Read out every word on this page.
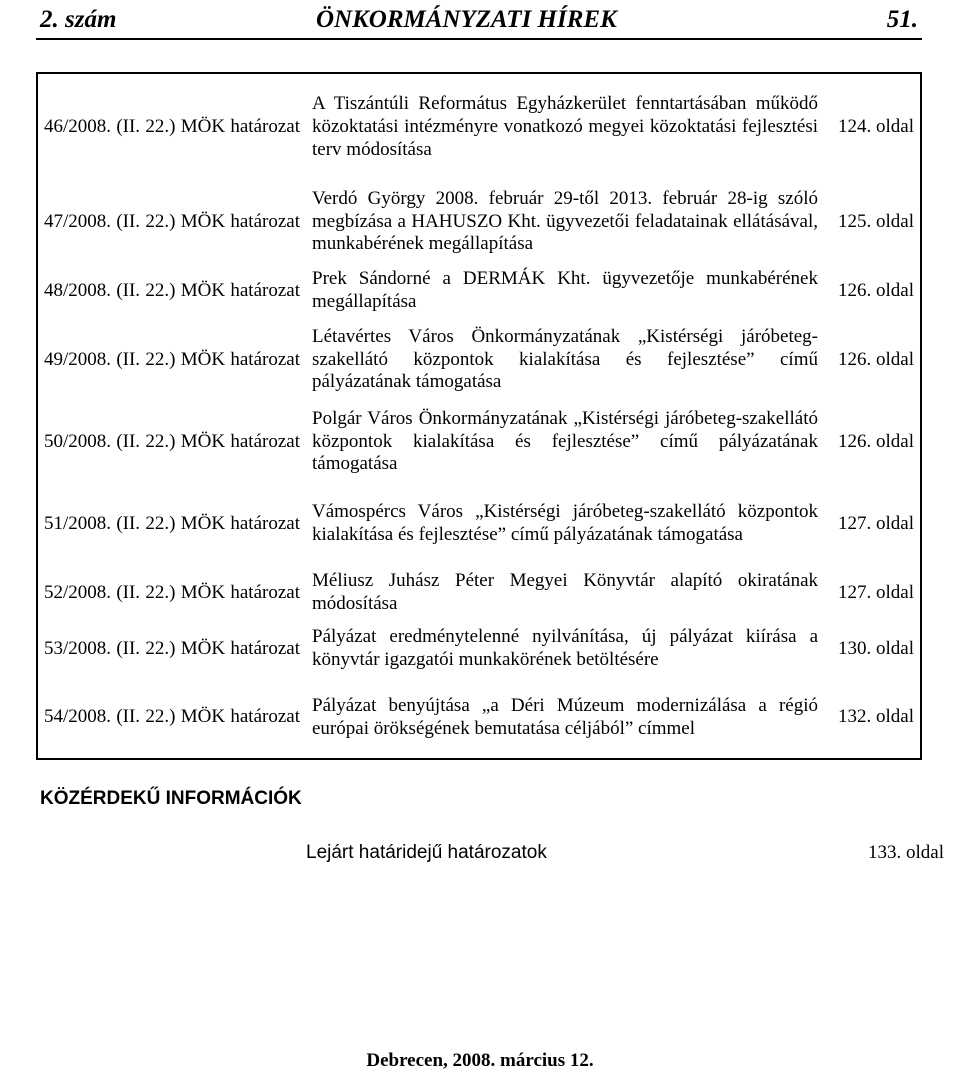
2. szám	ÖNKORMÁNYZATI HÍREK	51.
46/2008. (II. 22.) MÖK határozat	A Tiszántúli Református Egyházkerület fenntartásában működő közoktatási intézményre vonatkozó megyei közoktatási fejlesztési terv módosítása	124. oldal
47/2008. (II. 22.) MÖK határozat	Verdó György 2008. február 29-től 2013. február 28-ig szóló megbízása a HAHUSZO Kht. ügyvezetői feladatainak ellátásával, munkabérének megállapítása	125. oldal
48/2008. (II. 22.) MÖK határozat	Prek Sándorné a DERMÁK Kht. ügyvezetője munkabérének megállapítása	126. oldal
49/2008. (II. 22.) MÖK határozat	Létavértes Város Önkormányzatának „Kistérségi járóbeteg-szakellátó központok kialakítása és fejlesztése” című pályázatának támogatása	126. oldal
50/2008. (II. 22.) MÖK határozat	Polgár Város Önkormányzatának „Kistérségi járóbeteg-szakellátó központok kialakítása és fejlesztése” című pályázatának támogatása	126. oldal
51/2008. (II. 22.) MÖK határozat	Vámospércs Város „Kistérségi járóbeteg-szakellátó központok kialakítása és fejlesztése” című pályázatának támogatása	127. oldal
52/2008. (II. 22.) MÖK határozat	Méliusz Juhász Péter Megyei Könyvtár alapító okiratának módosítása	127. oldal
53/2008. (II. 22.) MÖK határozat	Pályázat eredménytelenné nyilvánítása, új pályázat kiírása a könyvtár igazgatói munkakörének betöltésére	130. oldal
54/2008. (II. 22.) MÖK határozat	Pályázat benyújtása „a Déri Múzeum modernizálása a régió európai örökségének bemutatása céljából” címmel	132. oldal
KÖZÉRDEKŰ INFORMÁCIÓK
Lejárt határidejű határozatok	133. oldal
Debrecen, 2008. március 12.
